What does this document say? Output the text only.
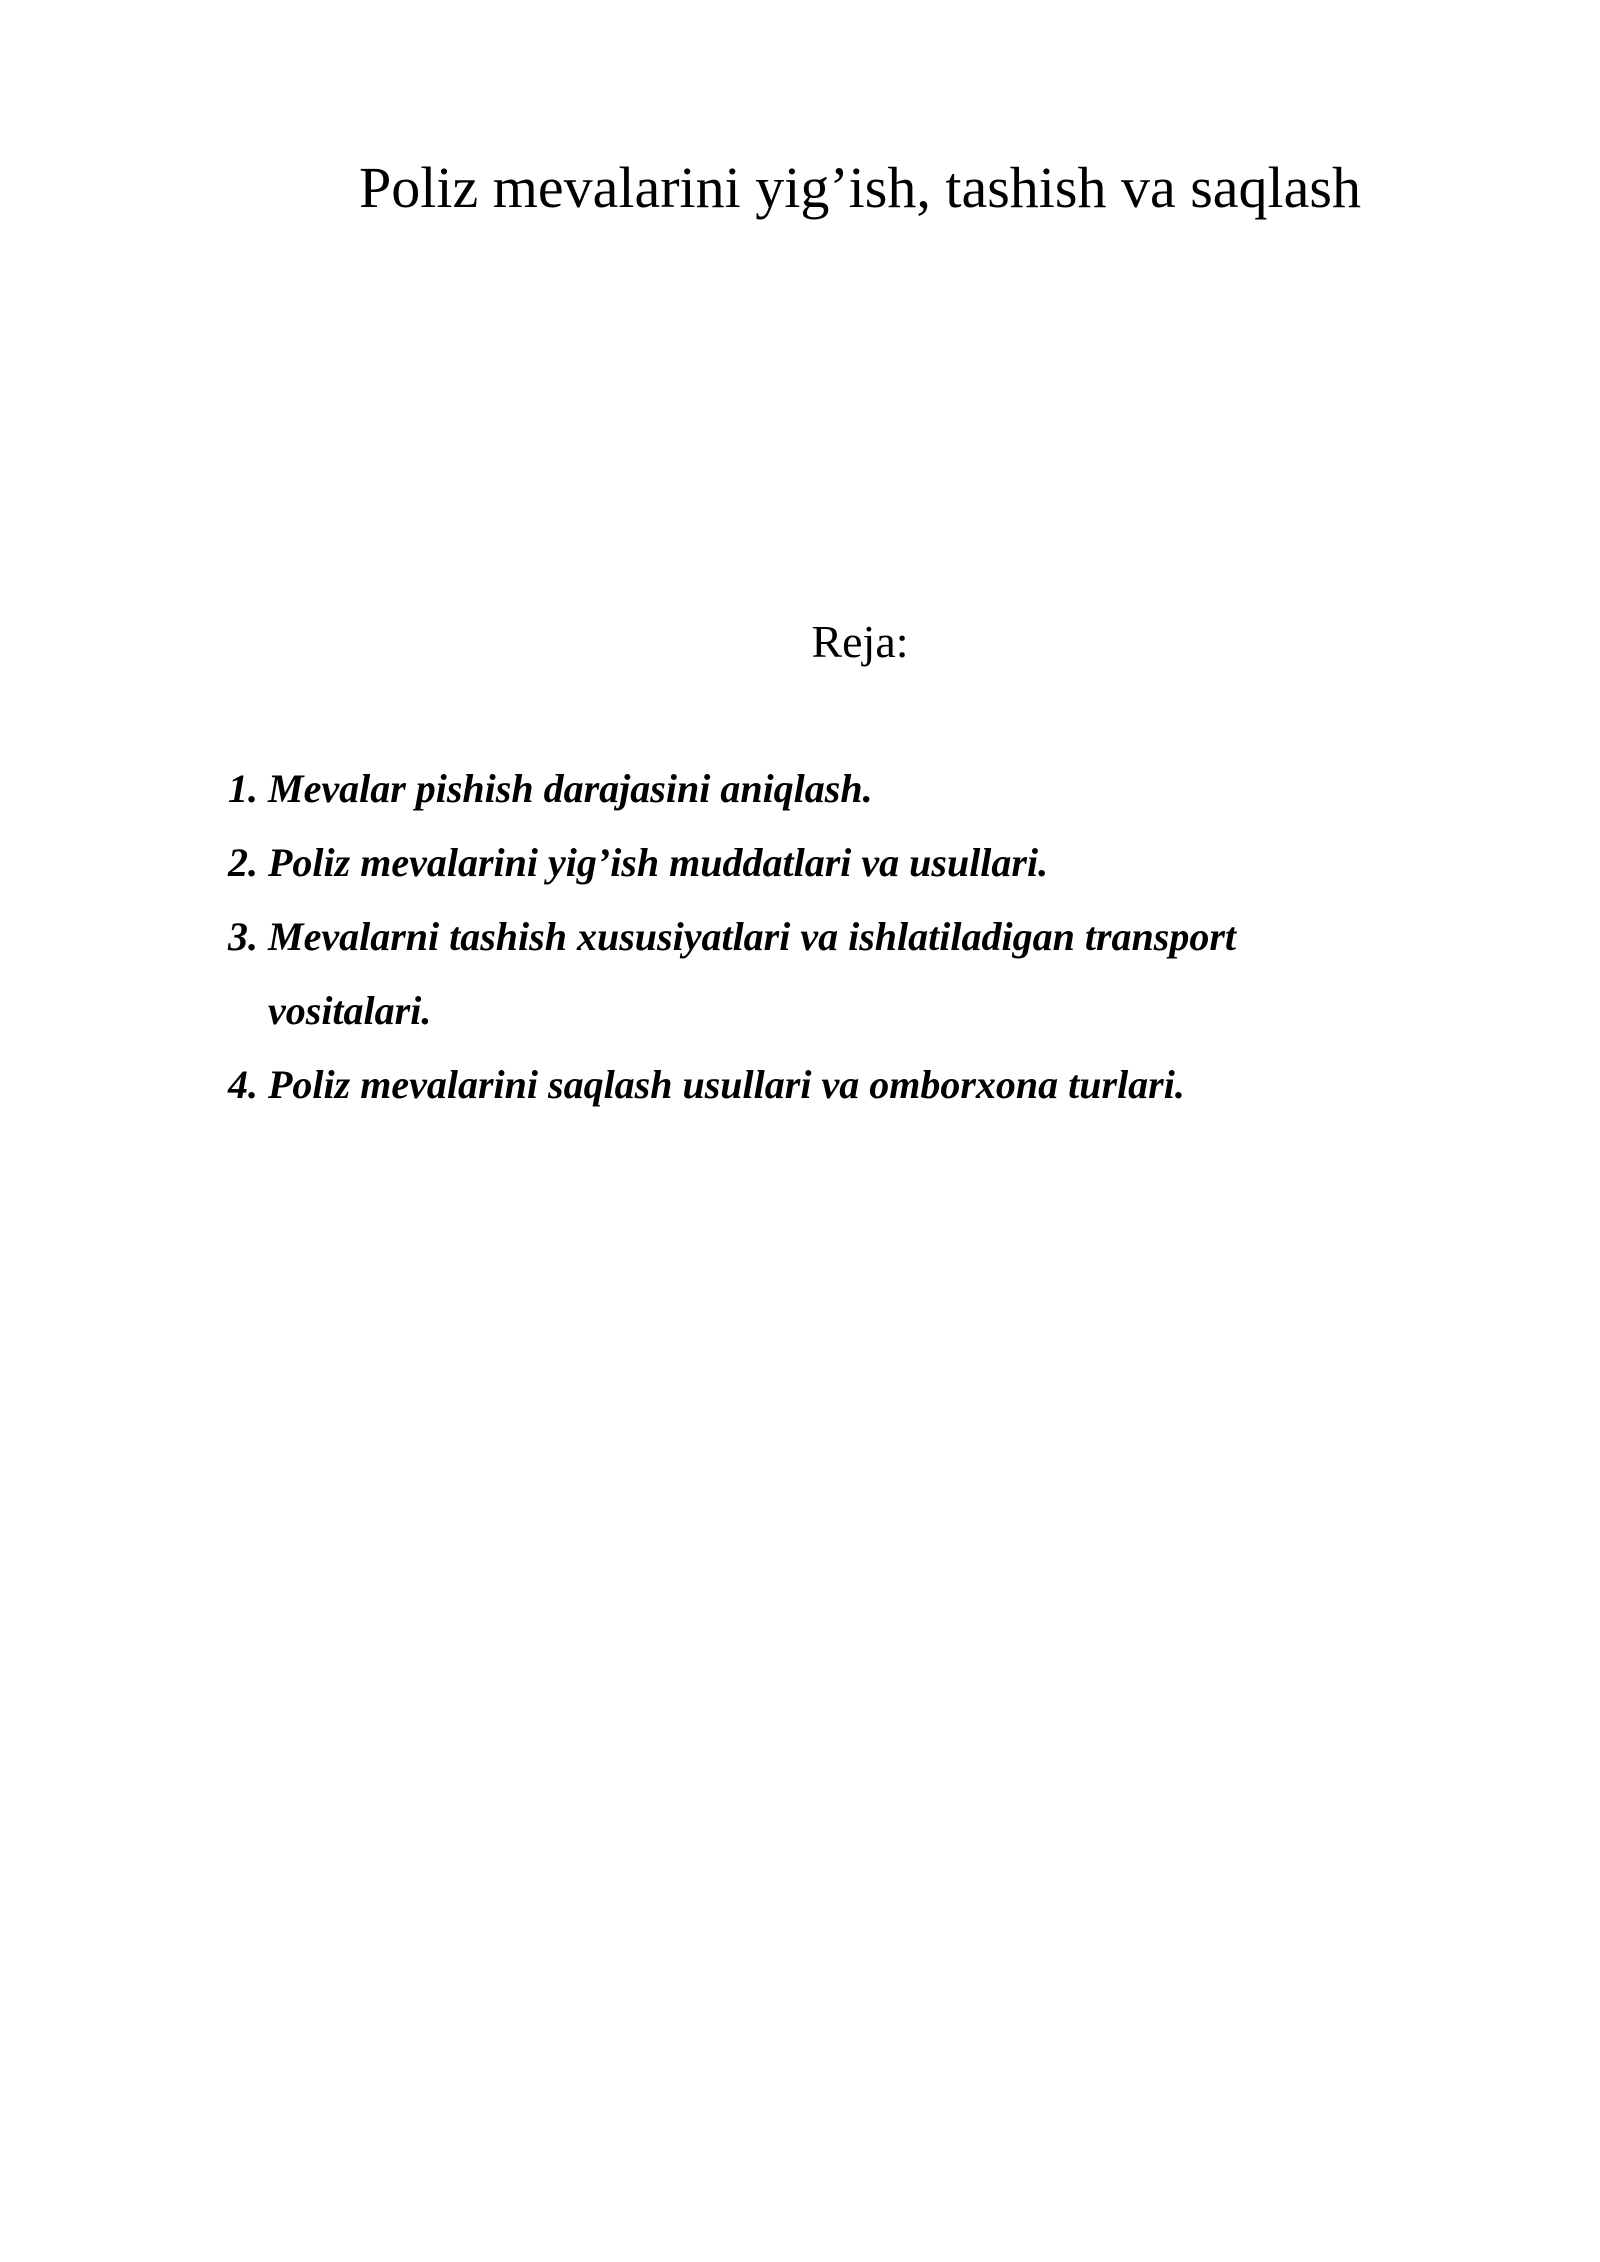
Poliz mevalarini yig’ish, tashish va saqlash
Reja:
1. Mevalar pishish darajasini aniqlash.
2. Poliz mevalarini yig’ish muddatlari va usullari.
3. Mevalarni tashish xususiyatlari va ishlatiladigan transport vositalari.
4. Poliz mevalarini saqlash usullari va omborxona turlari.
